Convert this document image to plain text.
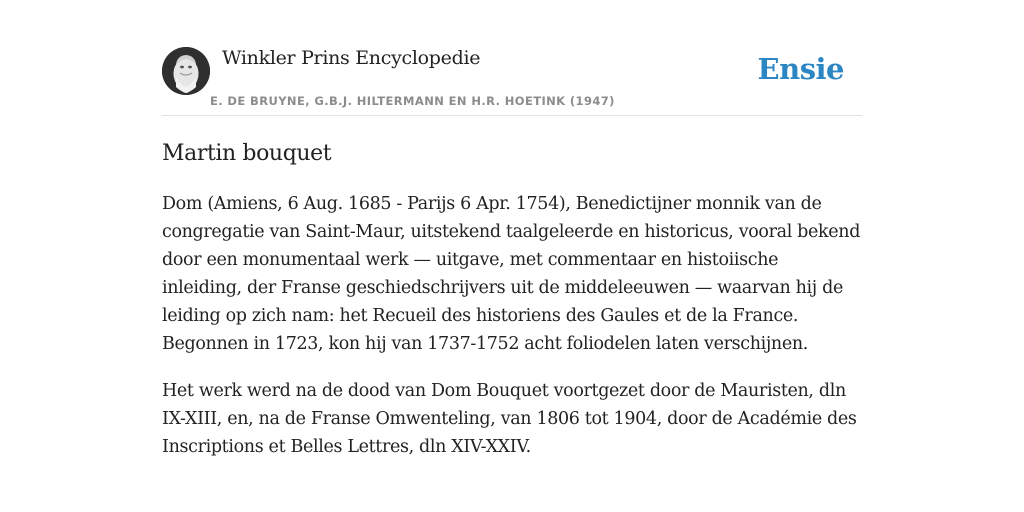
Winkler Prins Encyclopedie
E. DE BRUYNE, G.B.J. HILTERMANN EN H.R. HOETINK (1947)
Ensie
Martin bouquet

Dom (Amiens, 6 Aug. 1685 - Parijs 6 Apr. 1754), Benedictijner monnik van de congregatie van Saint-Maur, uitstekend taalgeleerde en historicus, vooral bekend door een monumentaal werk — uitgave, met commentaar en histoiische inleiding, der Franse geschiedschrijvers uit de middeleeuwen — waarvan hij de leiding op zich nam: het Recueil des historiens des Gaules et de la France. Begonnen in 1723, kon hij van 1737-1752 acht foliodelen laten verschijnen.

Het werk werd na de dood van Dom Bouquet voortgezet door de Mauristen, dln IX-XIII, en, na de Franse Omwenteling, van 1806 tot 1904, door de Académie des Inscriptions et Belles Lettres, dln XIV-XXIV.
